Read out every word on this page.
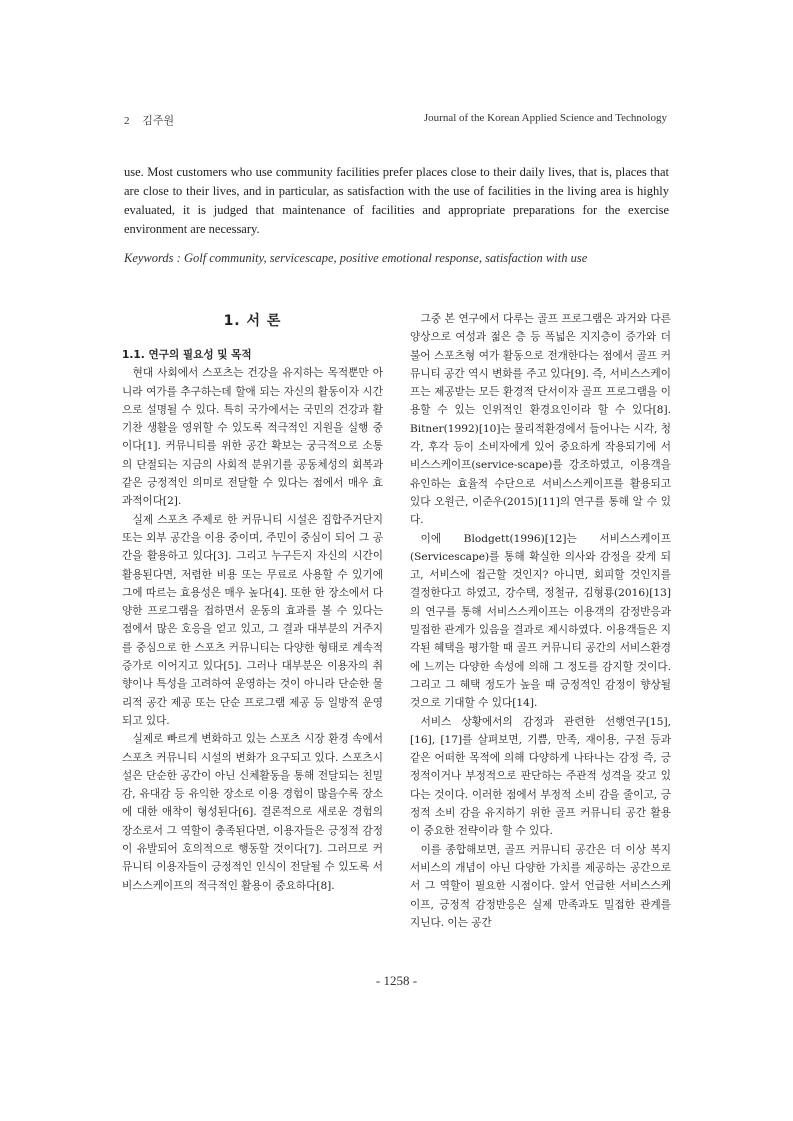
2 김주원	Journal of the Korean Applied Science and Technology

use. Most customers who use community facilities prefer places close to their daily lives, that is, places that are close to their lives, and in particular, as satisfaction with the use of facilities in the living area is highly evaluated, it is judged that maintenance of facilities and appropriate preparations for the exercise environment are necessary.

Keywords : Golf community, servicescape, positive emotional response, satisfaction with use

1. 서 론
1.1. 연구의 필요성 및 목적

현대 사회에서 스포츠는 건강을 유지하는 목적뿐만 아니라 여가를 추구하는데 할애 되는 자신의 활동이자 시간으로 설명될 수 있다. 특히 국가에서는 국민의 건강과 활기찬 생활을 영위할 수 있도록 적극적인 지원을 실행 중이다[1]. 커뮤니티를 위한 공간 확보는 궁극적으로 소통의 단절되는 지금의 사회적 분위기를 공동체성의 회복과 같은 긍정적인 의미로 전달할 수 있다는 점에서 매우 효과적이다[2].

실제 스포츠 주제로 한 커뮤니티 시설은 집합주거단지 또는 외부 공간을 이용 중이며, 주민이 중심이 되어 그 공간을 활용하고 있다[3]. 그리고 누구든지 자신의 시간이 활용된다면, 저렴한 비용 또는 무료로 사용할 수 있기에 그에 따르는 효용성은 매우 높다[4]. 또한 한 장소에서 다양한 프로그램을 접하면서 운동의 효과를 볼 수 있다는 점에서 많은 호응을 얻고 있고, 그 결과 대부분의 거주지를 중심으로 한 스포츠 커뮤니티는 다양한 형태로 계속적 증가로 이어지고 있다[5]. 그러나 대부분은 이용자의 취향이나 특성을 고려하여 운영하는 것이 아니라 단순한 물리적 공간 제공 또는 단순 프로그램 제공 등 일방적 운영되고 있다.

실제로 빠르게 변화하고 있는 스포츠 시장 환경 속에서 스포츠 커뮤니티 시설의 변화가 요구되고 있다. 스포츠시설은 단순한 공간이 아닌 신체활동을 통해 전달되는 친밀감, 유대감 등 유익한 장소로 이용 경험이 많을수록 장소에 대한 애착이 형성된다[6]. 결론적으로 새로운 경험의 장소로서 그 역할이 충족된다면, 이용자들은 긍정적 감정이 유발되어 호의적으로 행동할 것이다[7]. 그러므로 커뮤니티 이용자들이 긍정적인 인식이 전달될 수 있도록 서비스스케이프의 적극적인 활용이 중요하다[8].

그중 본 연구에서 다루는 골프 프로그램은 과거와 다른 양상으로 여성과 젊은 층 등 폭넓은 지지층이 증가와 더불어 스포츠형 여가 활동으로 전개한다는 점에서 골프 커뮤니티 공간 역시 변화를 주고 있다[9]. 즉, 서비스스케이프는 제공받는 모든 환경적 단서이자 골프 프로그램을 이용할 수 있는 인위적인 환경요인이라 할 수 있다[8]. Bitner(1992)[10]는 물리적환경에서 들어나는 시각, 청각, 후각 등이 소비자에게 있어 중요하게 작용되기에 서비스스케이프(service-scape)를 강조하였고, 이용객을 유인하는 효율적 수단으로 서비스스케이프를 활용되고 있다 오원근, 이준우(2015)[11]의 연구를 통해 알 수 있다.

이에 Blodgett(1996)[12]는 서비스스케이프(Servicescape)를 통해 확실한 의사와 감정을 갖게 되고, 서비스에 접근할 것인지? 아니면, 회피할 것인지를 결정한다고 하였고, 강수택, 정철규, 김형룡(2016)[13]의 연구를 통해 서비스스케이프는 이용객의 감정반응과 밀접한 관계가 있음을 결과로 제시하였다. 이용객들은 지각된 혜택을 평가할 때 골프 커뮤니티 공간의 서비스환경에 느끼는 다양한 속성에 의해 그 정도를 감지할 것이다. 그리고 그 혜택 정도가 높을 때 긍정적인 감정이 향상될 것으로 기대할 수 있다[14].

서비스 상황에서의 감정과 관련한 선행연구[15], [16], [17]를 살펴보면, 기쁨, 만족, 재이용, 구전 등과 같은 어떠한 목적에 의해 다양하게 나타나는 감정 즉, 긍정적이거나 부정적으로 판단하는 주관적 성격을 갖고 있다는 것이다. 이러한 점에서 부정적 소비 감을 줄이고, 긍정적 소비 감을 유지하기 위한 골프 커뮤니티 공간 활용이 중요한 전략이라 할 수 있다.

이를 종합해보면, 골프 커뮤니티 공간은 더 이상 복지 서비스의 개념이 아닌 다양한 가치를 제공하는 공간으로서 그 역할이 필요한 시점이다. 앞서 언급한 서비스스케이프, 긍정적 감정반응은 실제 만족과도 밀접한 관계를 지닌다. 이는 공간

- 1258 -
